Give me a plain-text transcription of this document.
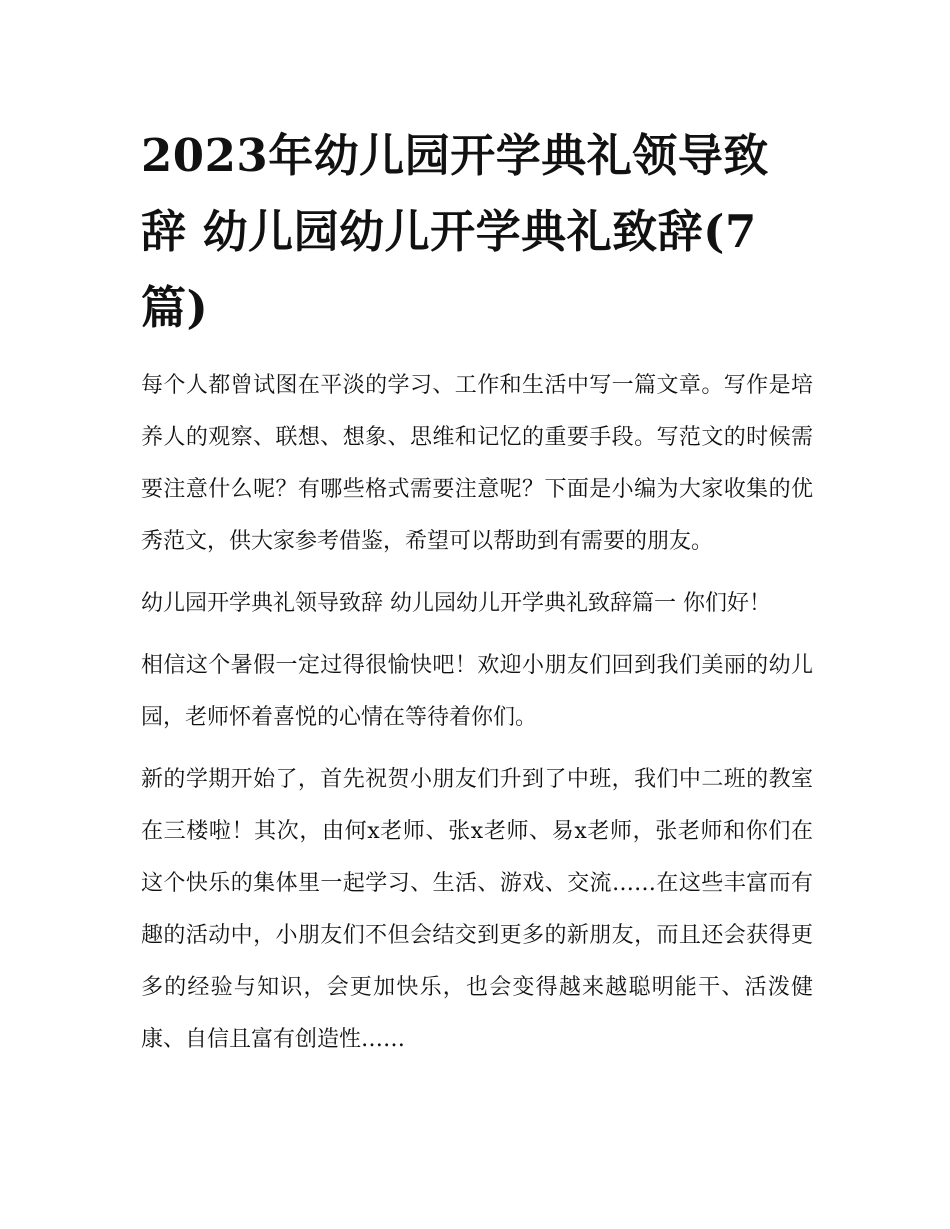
2023年幼儿园开学典礼领导致辞 幼儿园幼儿开学典礼致辞(7篇)

每个人都曾试图在平淡的学习、工作和生活中写一篇文章。写作是培养人的观察、联想、想象、思维和记忆的重要手段。写范文的时候需要注意什么呢？有哪些格式需要注意呢？下面是小编为大家收集的优秀范文，供大家参考借鉴，希望可以帮助到有需要的朋友。

幼儿园开学典礼领导致辞 幼儿园幼儿开学典礼致辞篇一 你们好！

相信这个暑假一定过得很愉快吧！欢迎小朋友们回到我们美丽的幼儿园，老师怀着喜悦的心情在等待着你们。

新的学期开始了，首先祝贺小朋友们升到了中班，我们中二班的教室在三楼啦！其次，由何x老师、张x老师、易x老师，张老师和你们在这个快乐的集体里一起学习、生活、游戏、交流……在这些丰富而有趣的活动中，小朋友们不但会结交到更多的新朋友，而且还会获得更多的经验与知识，会更加快乐，也会变得越来越聪明能干、活泼健康、自信且富有创造性……
